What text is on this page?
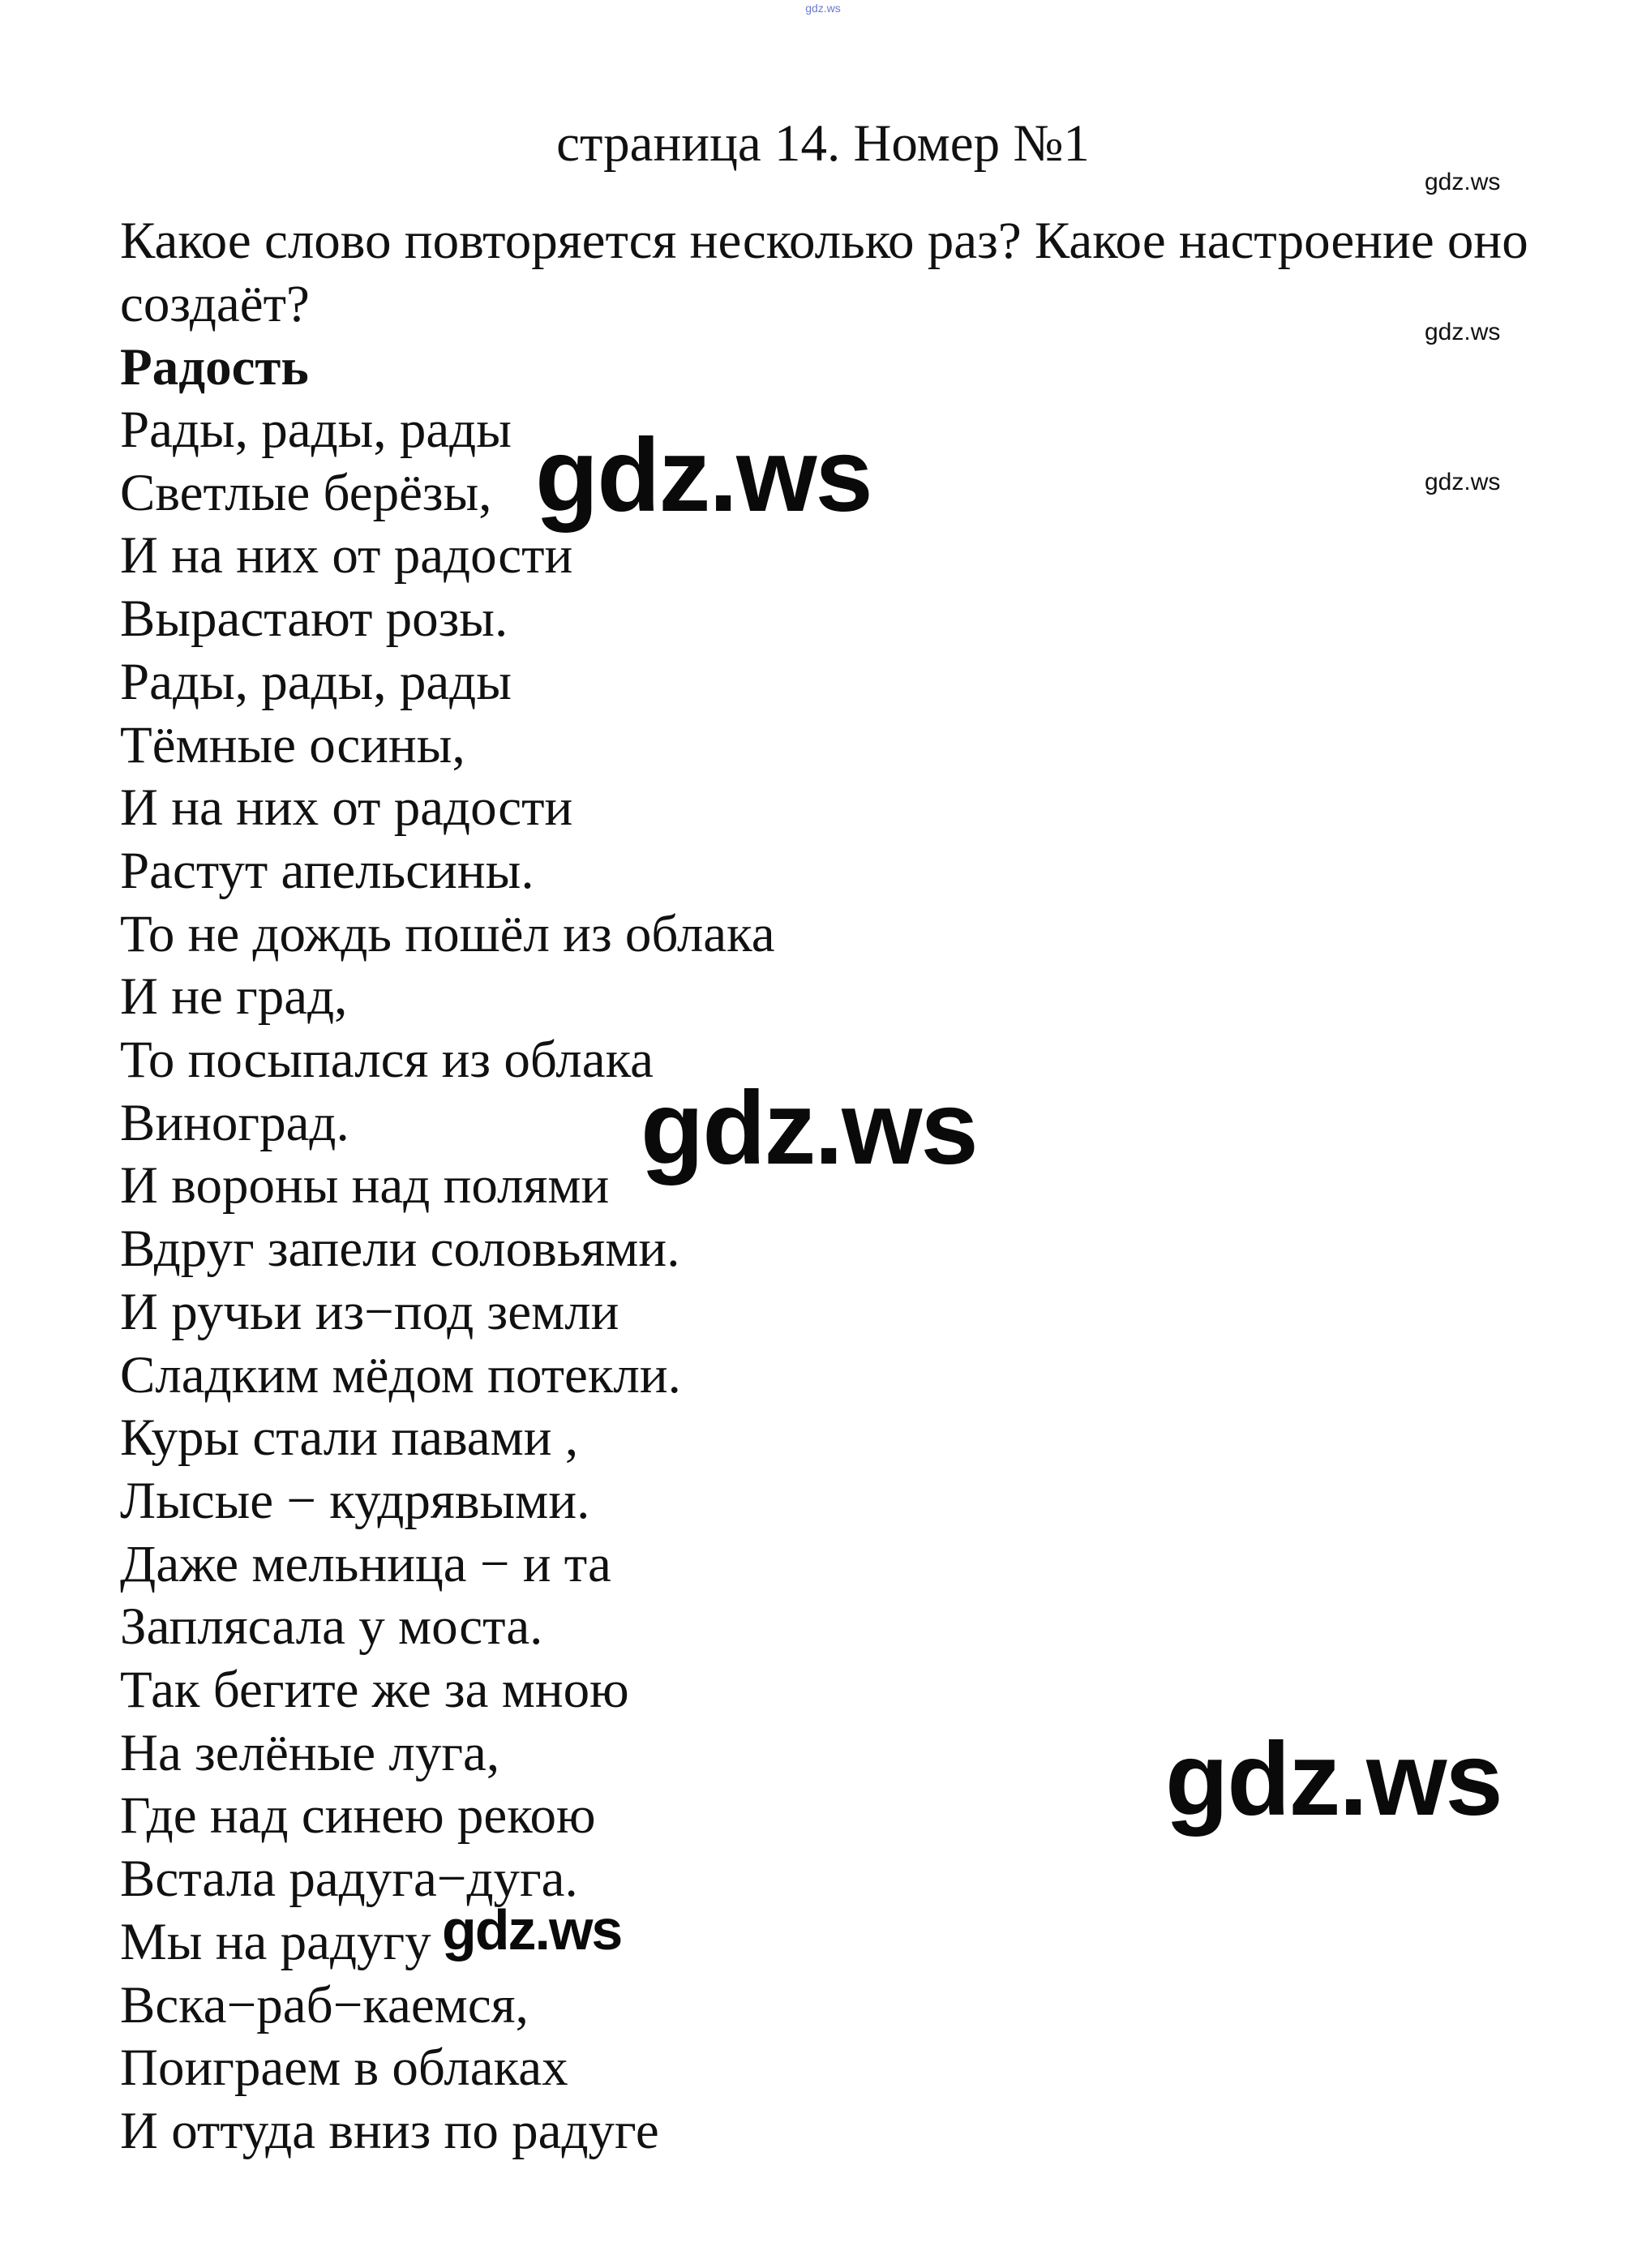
gdz.ws
страница 14. Номер №1

Какое слово повторяется несколько раз? Какое настроение оно создаёт?

Радость

Рады, рады, рады
Светлые берёзы,
И на них от радости
Вырастают розы.
Рады, рады, рады
Тёмные осины,
И на них от радости
Растут апельсины.
То не дождь пошёл из облака
И не град,
То посыпался из облака
Виноград.
И вороны над полями
Вдруг запели соловьями.
И ручьи из−под земли
Сладким мёдом потекли.
Куры стали павами ,
Лысые − кудрявыми.
Даже мельница − и та
Заплясала у моста.
Так бегите же за мною
На зелёные луга,
Где над синею рекою
Встала радуга−дуга.
Мы на радугу
Вска−раб−каемся,
Поиграем в облаках
И оттуда вниз по радуге
gdz.ws
gdz.ws
gdz.ws
gdz.ws
gdz.ws
gdz.ws
gdz.ws
